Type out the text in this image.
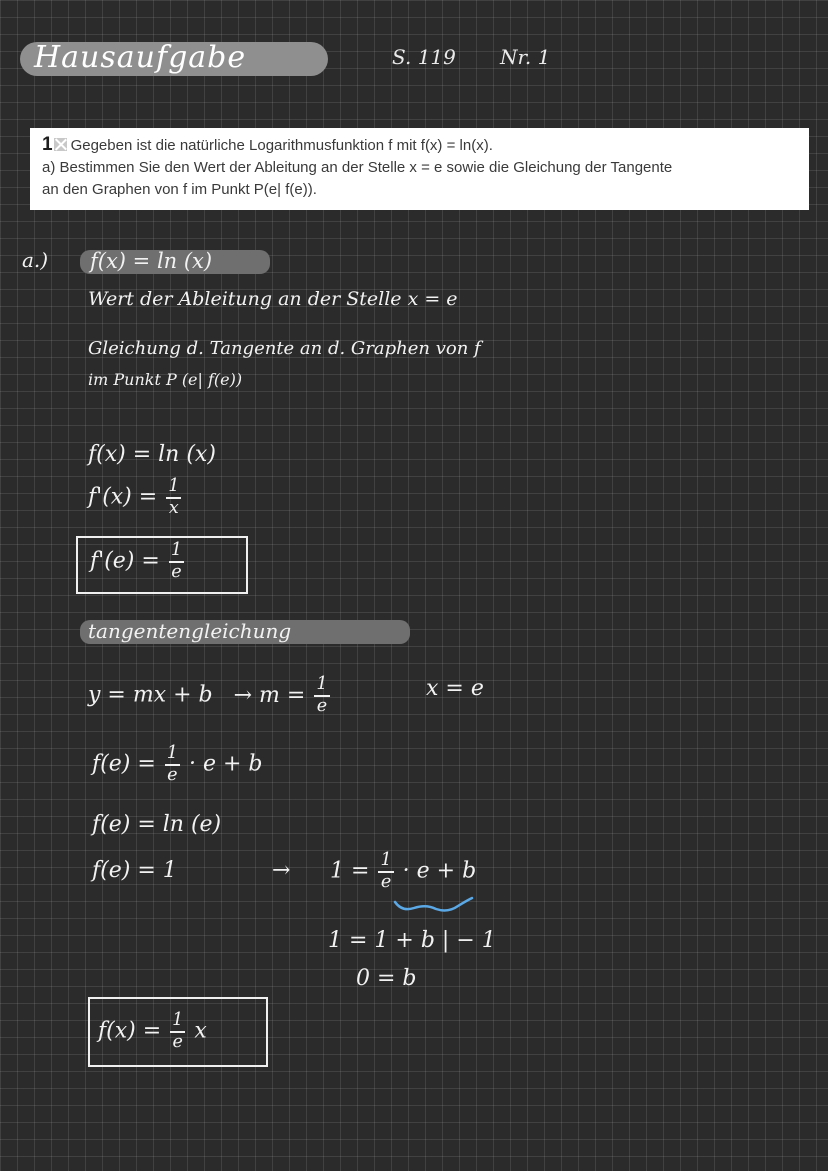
Hausaufgabe	S. 119 Nr. 1
1 Gegeben ist die natürliche Logarithmusfunktion f mit f(x) = ln(x).
a) Bestimmen Sie den Wert der Ableitung an der Stelle x = e sowie die Gleichung der Tangente
an den Graphen von f im Punkt P(e| f(e)).
a.) f(x) = ln (x)
Wert der Ableitung an der Stelle x = e
Gleichung d. Tangente an d. Graphen von f
im Punkt P (e| f(e))
f(x) = ln (x)
$f'(x) = \frac{1}{x}$
$f'(e) = \frac{1}{e}$
tangentengleichung
y = mx + $b \to m = \frac{1}{e}$	x = e
$f(e) = \frac{1}{e} \cdot e + b$
f(e) = ln (e)
f(e) = 1	→ $1 = \frac{1}{e} \cdot e + b$
1 = 1 + b | − 1
0 = b
$f(x) = \frac{1}{e}$ x
